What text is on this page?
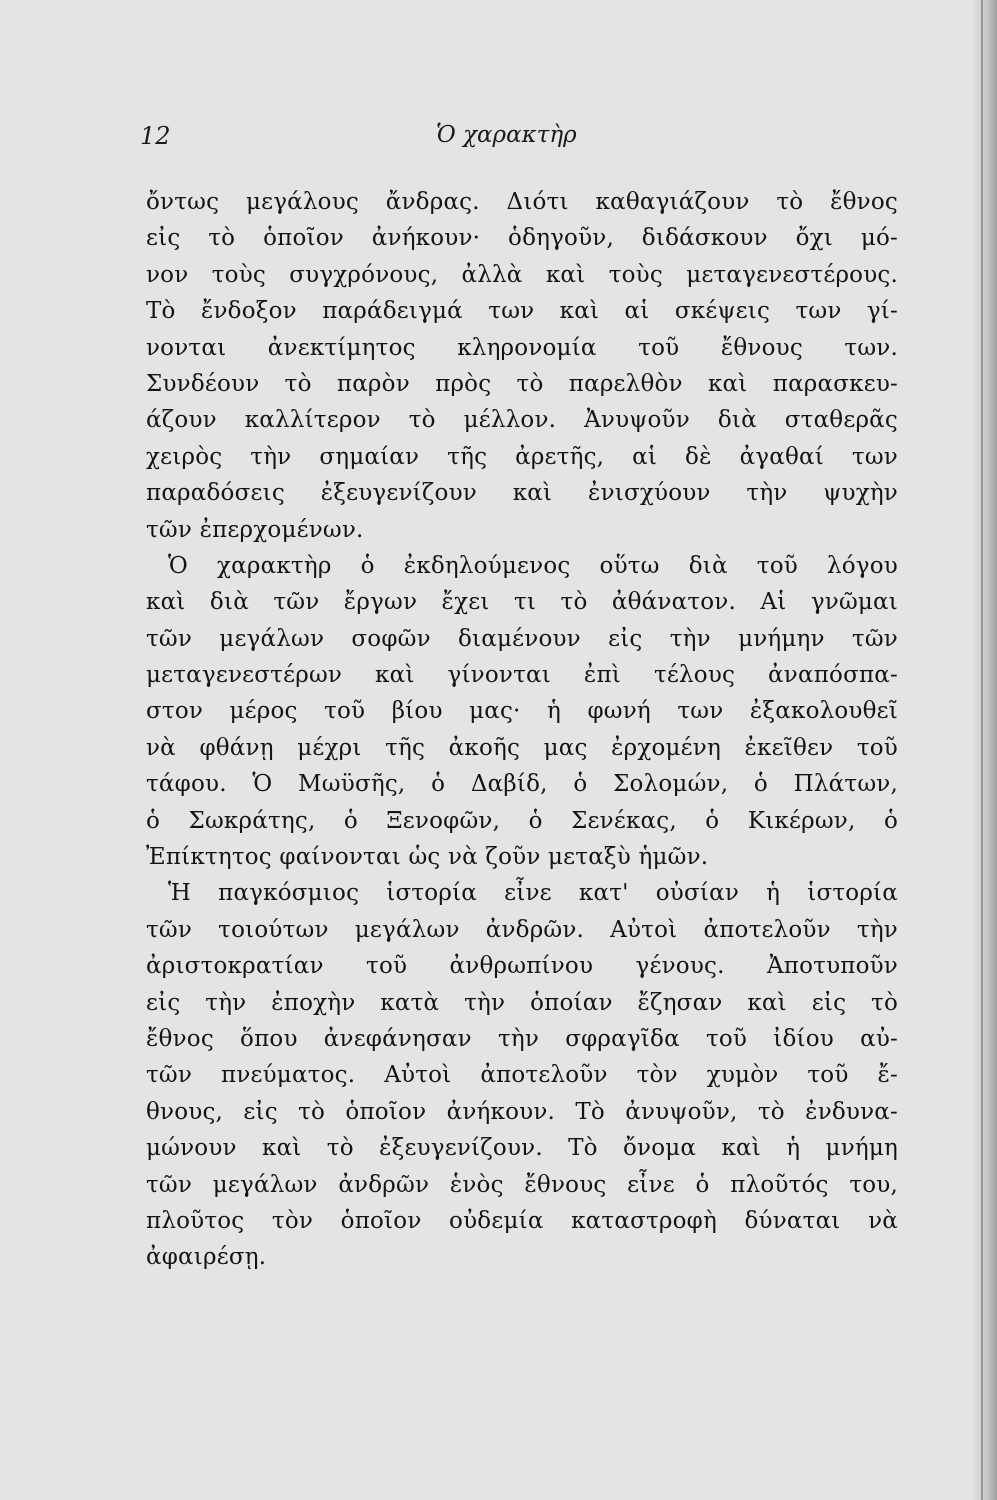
12	Ὁ χαρακτὴρ
ὄντως μεγάλους ἄνδρας. Διότι καθαγιάζουν τὸ ἔθνος
εἰς τὸ ὁποῖον ἀνήκουν· ὁδηγοῦν, διδάσκουν ὄχι μό-
νον τοὺς συγχρόνους, ἀλλὰ καὶ τοὺς μεταγενεστέρους.
Τὸ ἔνδοξον παράδειγμά των καὶ αἱ σκέψεις των γί-
νονται ἀνεκτίμητος κληρονομία τοῦ ἔθνους των.
Συνδέουν τὸ παρὸν πρὸς τὸ παρελθὸν καὶ παρασκευ-
άζουν καλλίτερον τὸ μέλλον. Ἀνυψοῦν διὰ σταθερᾶς
χειρὸς τὴν σημαίαν τῆς ἀρετῆς, αἱ δὲ ἀγαθαί των
παραδόσεις ἐξευγενίζουν καὶ ἐνισχύουν τὴν ψυχὴν
τῶν ἐπερχομένων.
Ὁ χαρακτὴρ ὁ ἐκδηλούμενος οὕτω διὰ τοῦ λόγου
καὶ διὰ τῶν ἔργων ἔχει τι τὸ ἀθάνατον. Αἱ γνῶμαι
τῶν μεγάλων σοφῶν διαμένουν εἰς τὴν μνήμην τῶν
μεταγενεστέρων καὶ γίνονται ἐπὶ τέλους ἀναπόσπα-
στον μέρος τοῦ βίου μας· ἡ φωνή των ἐξακολουθεῖ
νὰ φθάνῃ μέχρι τῆς ἀκοῆς μας ἐρχομένη ἐκεῖθεν τοῦ
τάφου. Ὁ Μωϋσῆς, ὁ Δαβίδ, ὁ Σολομών, ὁ Πλάτων,
ὁ Σωκράτης, ὁ Ξενοφῶν, ὁ Σενέκας, ὁ Κικέρων, ὁ
Ἐπίκτητος φαίνονται ὡς νὰ ζοῦν μεταξὺ ἡμῶν.
Ἡ παγκόσμιος ἱστορία εἶνε κατ' οὐσίαν ἡ ἱστορία
τῶν τοιούτων μεγάλων ἀνδρῶν. Αὐτοὶ ἀποτελοῦν τὴν
ἀριστοκρατίαν τοῦ ἀνθρωπίνου γένους. Ἀποτυποῦν
εἰς τὴν ἐποχὴν κατὰ τὴν ὁποίαν ἔζησαν καὶ εἰς τὸ
ἔθνος ὅπου ἀνεφάνησαν τὴν σφραγῖδα τοῦ ἰδίου αὐ-
τῶν πνεύματος. Αὐτοὶ ἀποτελοῦν τὸν χυμὸν τοῦ ἔ-
θνους, εἰς τὸ ὁποῖον ἀνήκουν. Τὸ ἀνυψοῦν, τὸ ἐνδυνα-
μώνουν καὶ τὸ ἐξευγενίζουν. Τὸ ὄνομα καὶ ἡ μνήμη
τῶν μεγάλων ἀνδρῶν ἑνὸς ἔθνους εἶνε ὁ πλοῦτός του,
πλοῦτος τὸν ὁποῖον οὐδεμία καταστροφὴ δύναται νὰ
ἀφαιρέσῃ.
